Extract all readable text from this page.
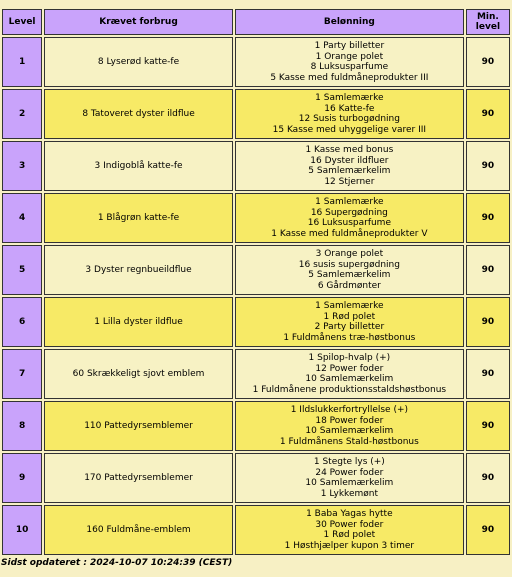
Level	Krævet forbrug	Belønning	Min. level
1	8 Lyserød katte-fe	1 Party billetter
1 Orange polet
8 Luksusparfume
5 Kasse med fuldmåneprodukter III	90
2	8 Tatoveret dyster ildflue	1 Samlemærke
16 Katte-fe
12 Susis turbogødning
15 Kasse med uhyggelige varer III	90
3	3 Indigoblå katte-fe	1 Kasse med bonus
16 Dyster ildfluer
5 Samlemærkelim
12 Stjerner	90
4	1 Blågrøn katte-fe	1 Samlemærke
16 Supergødning
16 Luksusparfume
1 Kasse med fuldmåneprodukter V	90
5	3 Dyster regnbueildflue	3 Orange polet
16 susis supergødning
5 Samlemærkelim
6 Gårdmønter	90
6	1 Lilla dyster ildflue	1 Samlemærke
1 Rød polet
2 Party billetter
1 Fuldmånens træ-høstbonus	90
7	60 Skrækkeligt sjovt emblem	1 Spilop-hvalp (+)
12 Power foder
10 Samlemærkelim
1 Fuldmånene produktionsstaldshøstbonus	90
8	110 Pattedyrsemblemer	1 Ildslukkerfortryllelse (+)
18 Power foder
10 Samlemærkelim
1 Fuldmånens Stald-høstbonus	90
9	170 Pattedyrsemblemer	1 Stegte lys (+)
24 Power foder
10 Samlemærkelim
1 Lykkemønt	90
10	160 Fuldmåne-emblem	1 Baba Yagas hytte
30 Power foder
1 Rød polet
1 Høsthjælper kupon 3 timer	90
Sidst opdateret : 2024-10-07 10:24:39 (CEST)
